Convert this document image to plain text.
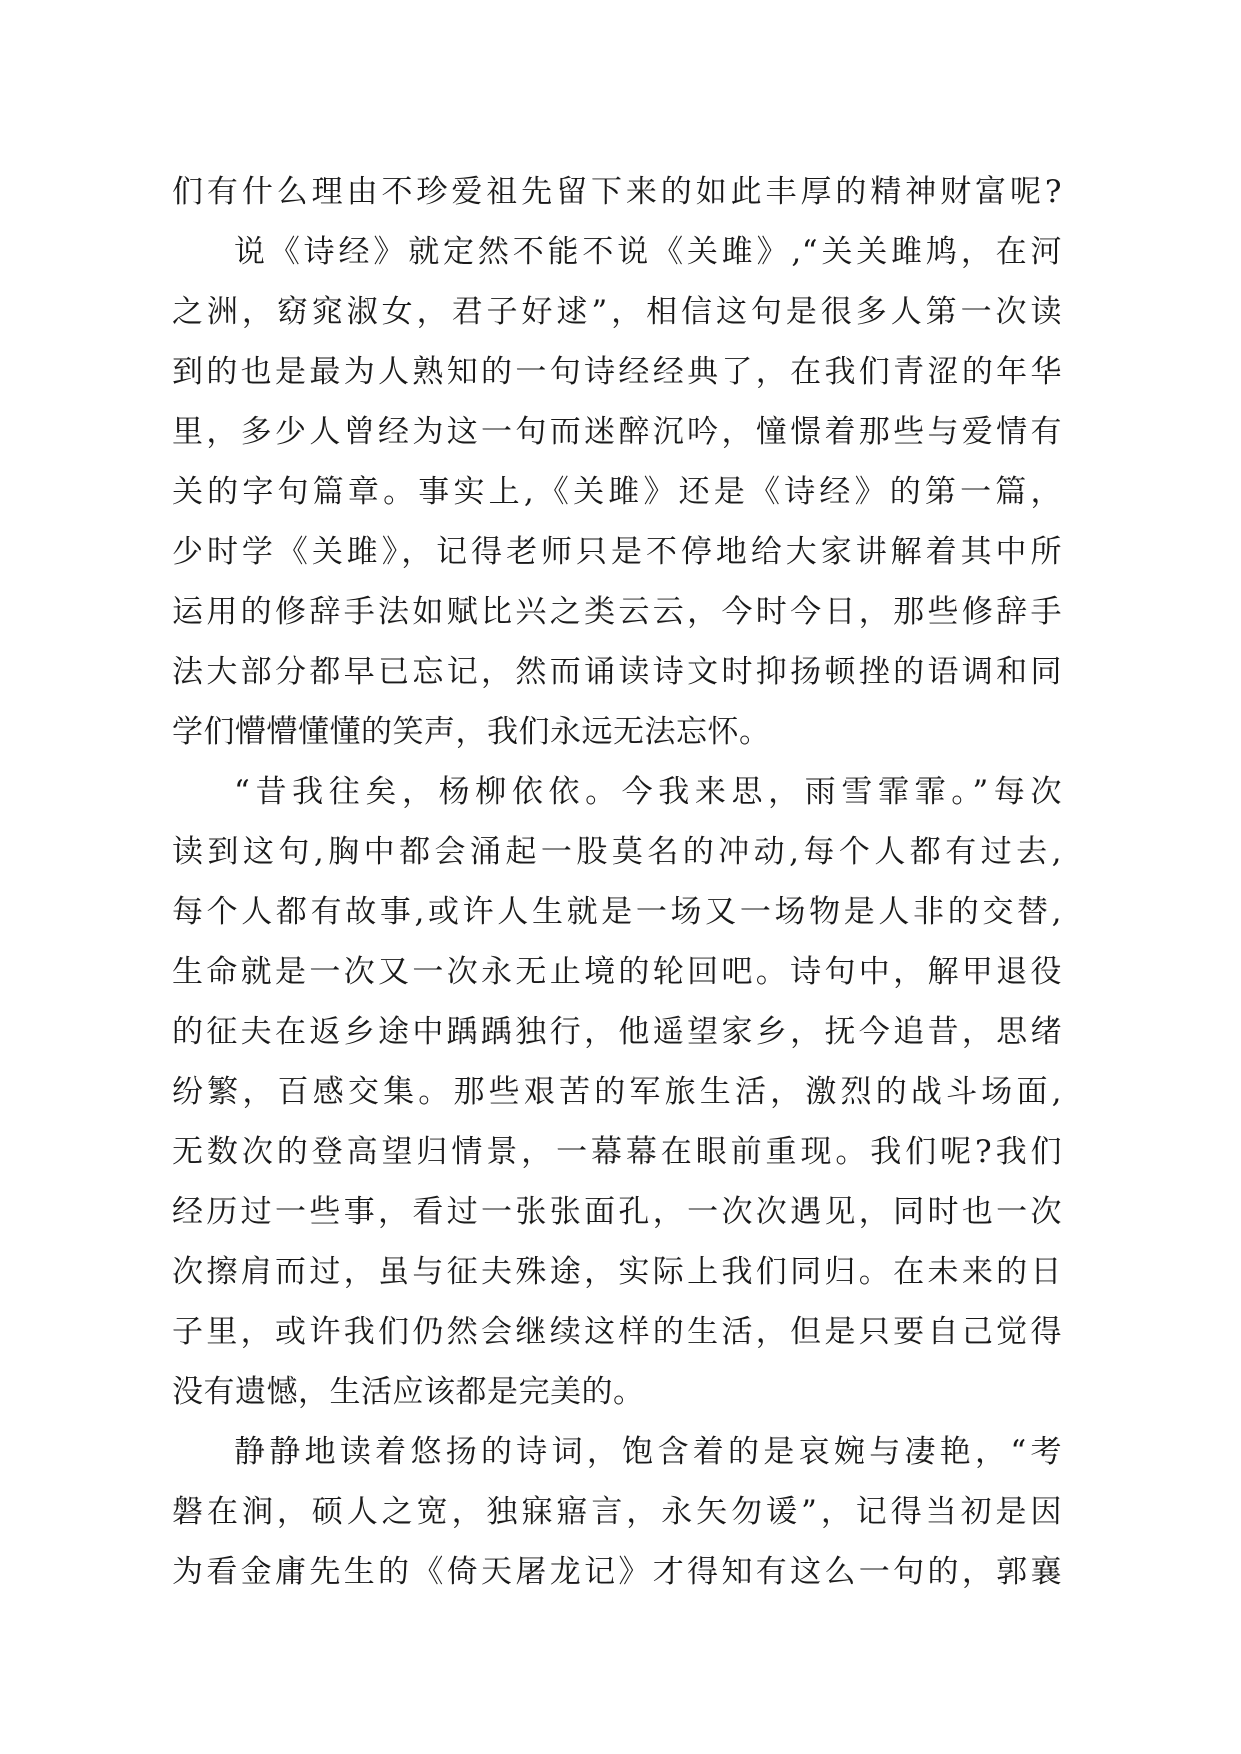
们有什么理由不珍爱祖先留下来的如此丰厚的精神财富呢?
说《诗经》就定然不能不说《关雎》,“关关雎鸠，在河
之洲，窈窕淑女，君子好逑”，相信这句是很多人第一次读
到的也是最为人熟知的一句诗经经典了，在我们青涩的年华
里，多少人曾经为这一句而迷醉沉吟，憧憬着那些与爱情有
关的字句篇章。事实上,《关雎》还是《诗经》的第一篇，
少时学《关雎》，记得老师只是不停地给大家讲解着其中所
运用的修辞手法如赋比兴之类云云，今时今日，那些修辞手
法大部分都早已忘记，然而诵读诗文时抑扬顿挫的语调和同
学们懵懵懂懂的笑声，我们永远无法忘怀。
“昔我往矣，杨柳依依。今我来思，雨雪霏霏。”每次
读到这句,胸中都会涌起一股莫名的冲动,每个人都有过去,
每个人都有故事,或许人生就是一场又一场物是人非的交替,
生命就是一次又一次永无止境的轮回吧。诗句中，解甲退役
的征夫在返乡途中踽踽独行，他遥望家乡，抚今追昔，思绪
纷繁，百感交集。那些艰苦的军旅生活，激烈的战斗场面,
无数次的登高望归情景，一幕幕在眼前重现。我们呢?我们
经历过一些事，看过一张张面孔，一次次遇见，同时也一次
次擦肩而过，虽与征夫殊途，实际上我们同归。在未来的日
子里，或许我们仍然会继续这样的生活，但是只要自己觉得
没有遗憾，生活应该都是完美的。
静静地读着悠扬的诗词，饱含着的是哀婉与凄艳，“考
磐在涧，硕人之宽，独寐寤言，永矢勿谖”，记得当初是因
为看金庸先生的《倚天屠龙记》才得知有这么一句的，郭襄
